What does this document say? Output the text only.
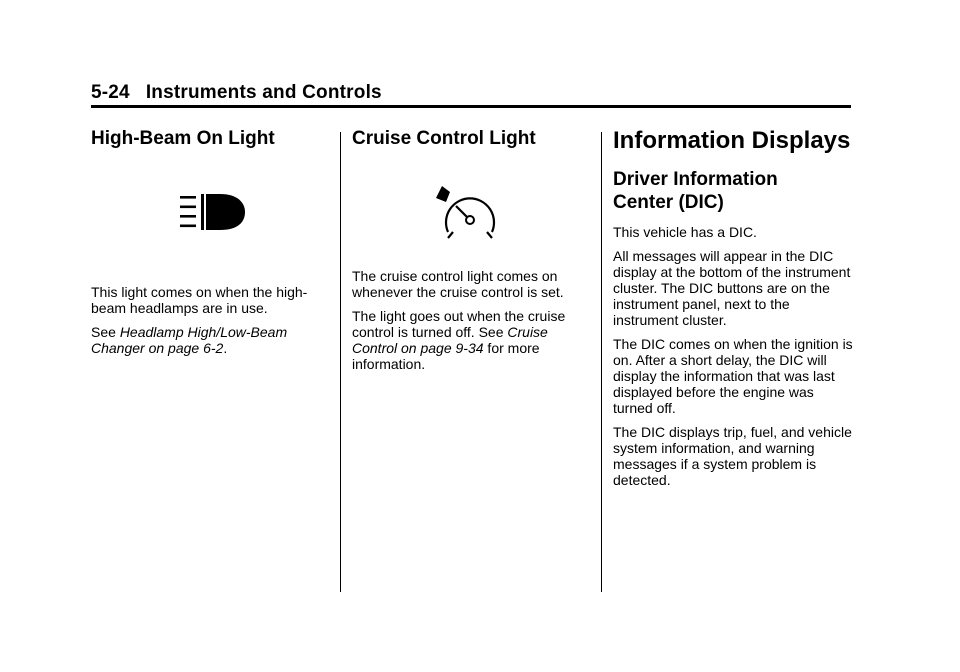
5-24 Instruments and Controls
High-Beam On Light

This light comes on when the high-beam headlamps are in use.

See Headlamp High/Low-Beam Changer on page 6-2.

Cruise Control Light

The cruise control light comes on whenever the cruise control is set.

The light goes out when the cruise control is turned off. See Cruise Control on page 9-34 for more information.

Information Displays
Driver Information Center (DIC)

This vehicle has a DIC.

All messages will appear in the DIC display at the bottom of the instrument cluster. The DIC buttons are on the instrument panel, next to the instrument cluster.

The DIC comes on when the ignition is on. After a short delay, the DIC will display the information that was last displayed before the engine was turned off.

The DIC displays trip, fuel, and vehicle system information, and warning messages if a system problem is detected.
